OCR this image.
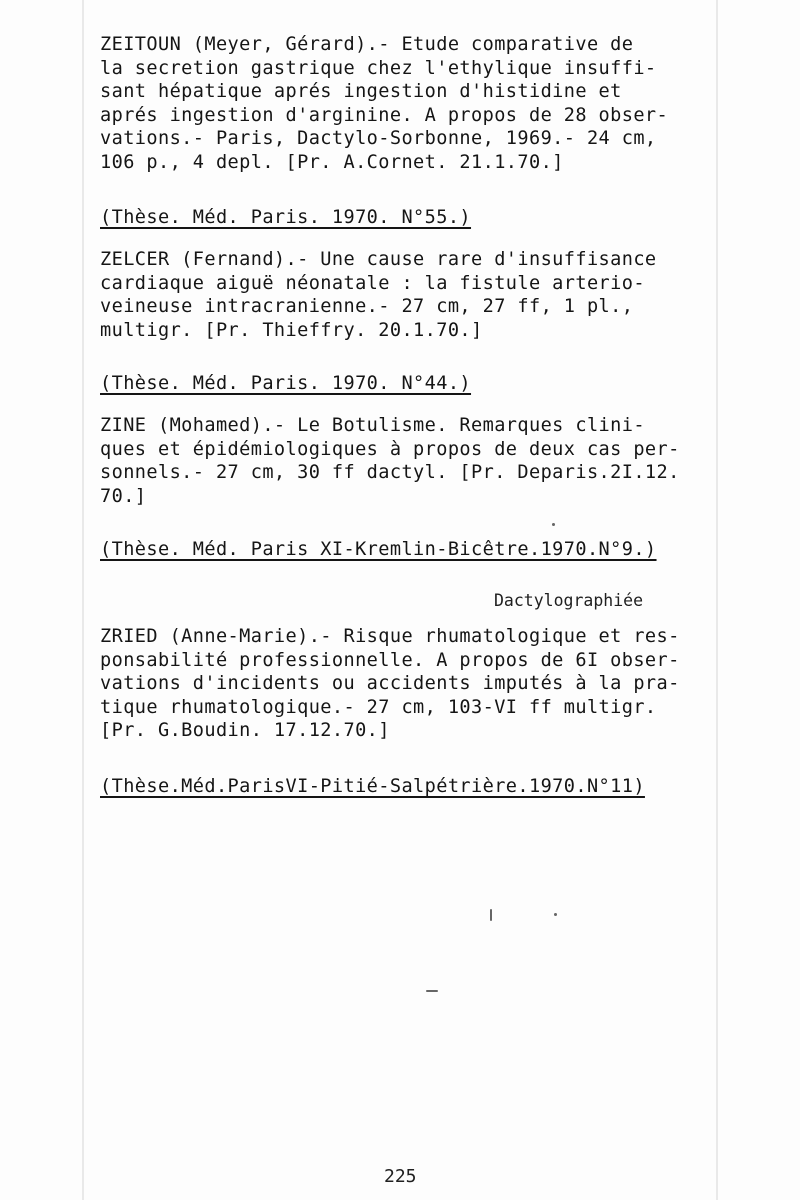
ZEITOUN (Meyer, Gérard).- Etude comparative de
la secretion gastrique chez l'ethylique insuffi-
sant hépatique aprés ingestion d'histidine et
aprés ingestion d'arginine. A propos de 28 obser-
vations.- Paris, Dactylo-Sorbonne, 1969.- 24 cm,
106 p., 4 depl. [Pr. A.Cornet. 21.1.70.]

(Thèse. Méd. Paris. 1970. N°55.)

ZELCER (Fernand).- Une cause rare d'insuffisance
cardiaque aiguë néonatale : la fistule arterio-
veineuse intracranienne.- 27 cm, 27 ff, 1 pl.,
multigr. [Pr. Thieffry. 20.1.70.]

(Thèse. Méd. Paris. 1970. N°44.)

ZINE (Mohamed).- Le Botulisme. Remarques clini-
ques et épidémiologiques à propos de deux cas per-
sonnels.- 27 cm, 30 ff dactyl. [Pr. Deparis.2I.12.
70.]

(Thèse. Méd. Paris XI-Kremlin-Bicêtre.1970.N°9.)

Dactylographiée

ZRIED (Anne-Marie).- Risque rhumatologique et res-
ponsabilité professionnelle. A propos de 6I obser-
vations d'incidents ou accidents imputés à la pra-
tique rhumatologique.- 27 cm, 103-VI ff multigr.
[Pr. G.Boudin. 17.12.70.]

(Thèse.Méd.ParisVI-Pitié-Salpétrière.1970.N°11)

225
